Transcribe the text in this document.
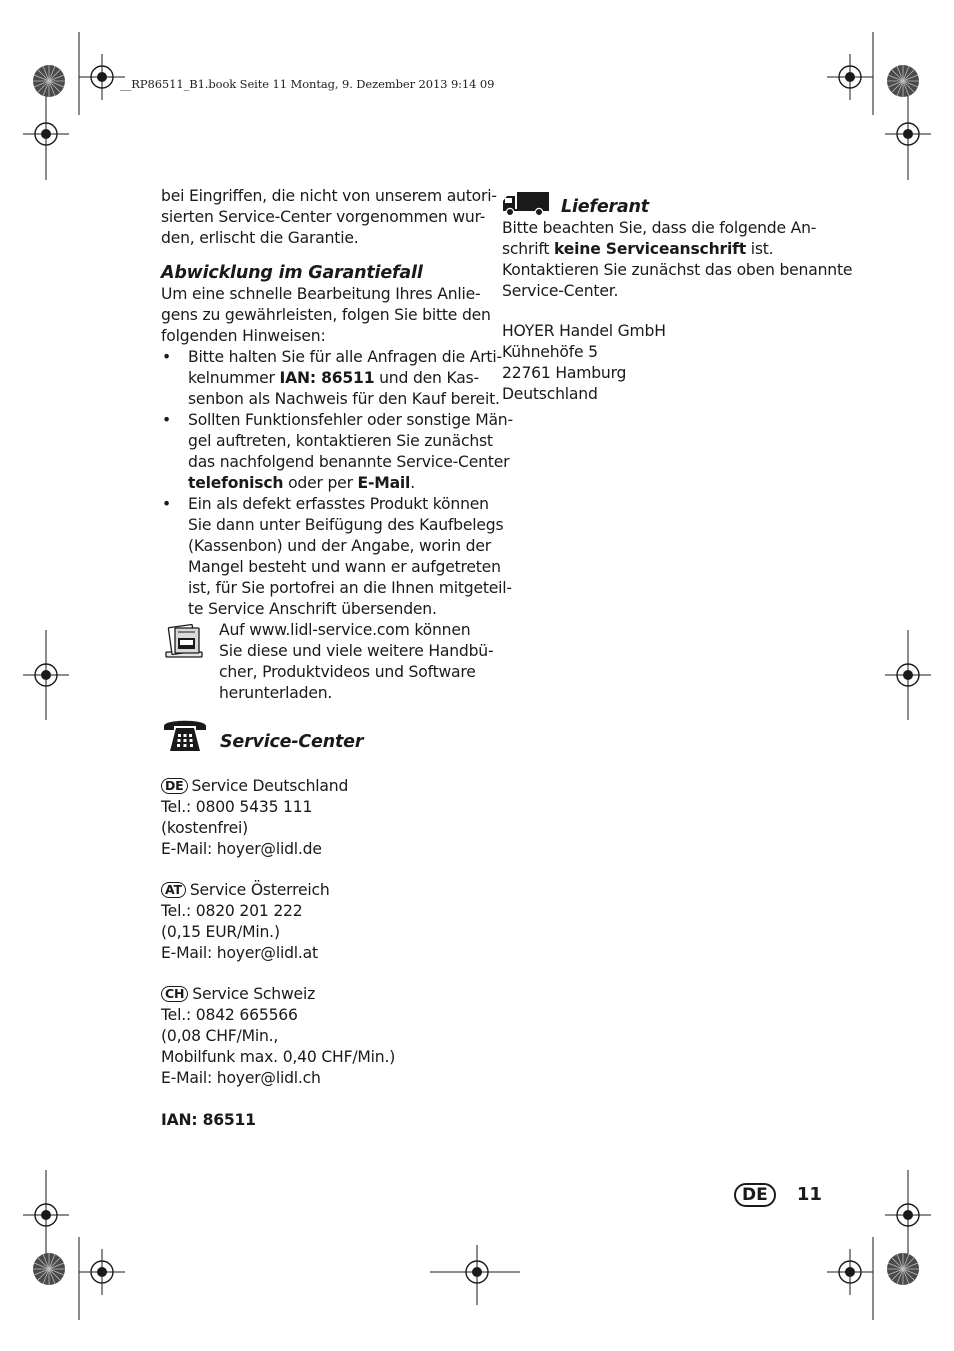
__RP86511_B1.book Seite 11 Montag, 9. Dezember 2013 9:14 09
bei Eingriffen, die nicht von unserem autori-
sierten Service-Center vorgenommen wur-
den, erlischt die Garantie.
Abwicklung im Garantiefall
Um eine schnelle Bearbeitung Ihres Anlie-
gens zu gewährleisten, folgen Sie bitte den
folgenden Hinweisen:
• Bitte halten Sie für alle Anfragen die Arti-
kelnummer IAN: 86511 und den Kas-
senbon als Nachweis für den Kauf bereit.
• Sollten Funktionsfehler oder sonstige Män-
gel auftreten, kontaktieren Sie zunächst
das nachfolgend benannte Service-Center
telefonisch oder per E-Mail.
• Ein als defekt erfasstes Produkt können
Sie dann unter Beifügung des Kaufbelegs
(Kassenbon) und der Angabe, worin der
Mangel besteht und wann er aufgetreten
ist, für Sie portofrei an die Ihnen mitgeteil-
te Service Anschrift übersenden.
Auf www.lidl-service.com können
Sie diese und viele weitere Handbü-
cher, Produktvideos und Software
herunterladen.
Service-Center
DE Service Deutschland
Tel.: 0800 5435 111
(kostenfrei)
E-Mail: hoyer@lidl.de
AT Service Österreich
Tel.: 0820 201 222
(0,15 EUR/Min.)
E-Mail: hoyer@lidl.at
CH Service Schweiz
Tel.: 0842 665566
(0,08 CHF/Min.,
Mobilfunk max. 0,40 CHF/Min.)
E-Mail: hoyer@lidl.ch
IAN: 86511
Lieferant
Bitte beachten Sie, dass die folgende An-
schrift keine Serviceanschrift ist.
Kontaktieren Sie zunächst das oben benannte
Service-Center.
HOYER Handel GmbH
Kühnehöfe 5
22761 Hamburg
Deutschland
DE 11
